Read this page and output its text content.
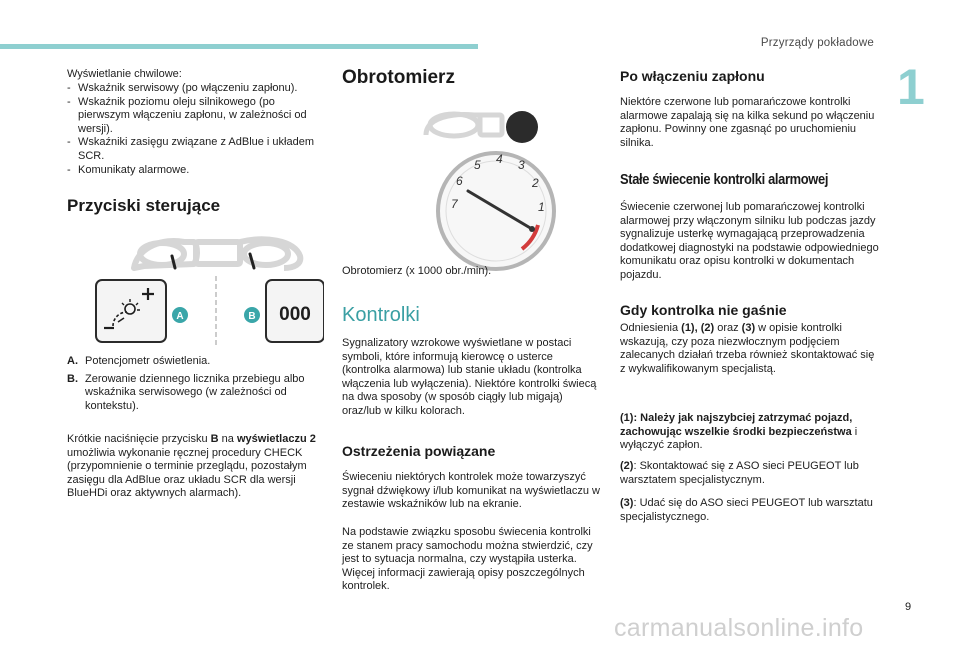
Przyrządy pokładowe
1

Wyświetlanie chwilowe:

- Wskaźnik serwisowy (po włączeniu zapłonu).
- Wskaźnik poziomu oleju silnikowego (po pierwszym włączeniu zapłonu, w zależności od wersji).
- Wskaźniki zasięgu związane z AdBlue i układem SCR.
- Komunikaty alarmowe.
Przyciski sterujące
A	B 000
A. Potencjometr oświetlenia.
B. Zerowanie dziennego licznika przebiegu albo wskaźnika serwisowego (w zależności od kontekstu).

Krótkie naciśnięcie przycisku B na wyświetlaczu 2 umożliwia wykonanie ręcznej procedury CHECK (przypomnienie o terminie przeglądu, pozostałym zasięgu dla AdBlue oraz układu SCR dla wersji BlueHDi oraz aktywnych alarmach).

Obrotomierz
7
6
5 4 3
2
1

Obrotomierz (x 1000 obr./min).

Kontrolki

Sygnalizatory wzrokowe wyświetlane w postaci symboli, które informują kierowcę o usterce (kontrolka alarmowa) lub stanie układu (kontrolka włączenia lub wyłączenia). Niektóre kontrolki świecą na dwa sposoby (w sposób ciągły lub migają) oraz/lub w kilku kolorach.

Ostrzeżenia powiązane

Świeceniu niektórych kontrolek może towarzyszyć sygnał dźwiękowy i/lub komunikat na wyświetlaczu w zestawie wskaźników lub na ekranie.

Na podstawie związku sposobu świecenia kontrolki ze stanem pracy samochodu można stwierdzić, czy jest to sytuacja normalna, czy wystąpiła usterka. Więcej informacji zawierają opisy poszczególnych kontrolek.

Po włączeniu zapłonu

Niektóre czerwone lub pomarańczowe kontrolki alarmowe zapalają się na kilka sekund po włączeniu zapłonu. Powinny one zgasnąć po uruchomieniu silnika.

Stałe świecenie kontrolki alarmowej

Świecenie czerwonej lub pomarańczowej kontrolki alarmowej przy włączonym silniku lub podczas jazdy sygnalizuje usterkę wymagającą przeprowadzenia dodatkowej diagnostyki na podstawie odpowiedniego komunikatu oraz opisu kontrolki w dokumentach pojazdu.

Gdy kontrolka nie gaśnie

Odniesienia (1), (2) oraz (3) w opisie kontrolki wskazują, czy poza niezwłocznym podjęciem zalecanych działań trzeba również skontaktować się z wykwalifikowanym specjalistą.

(1): Należy jak najszybciej zatrzymać pojazd, zachowując wszelkie środki bezpieczeństwa i wyłączyć zapłon.

(2): Skontaktować się z ASO sieci PEUGEOT lub warsztatem specjalistycznym.

(3): Udać się do ASO sieci PEUGEOT lub warsztatu specjalistycznego.

9
carmanualsonline.info
